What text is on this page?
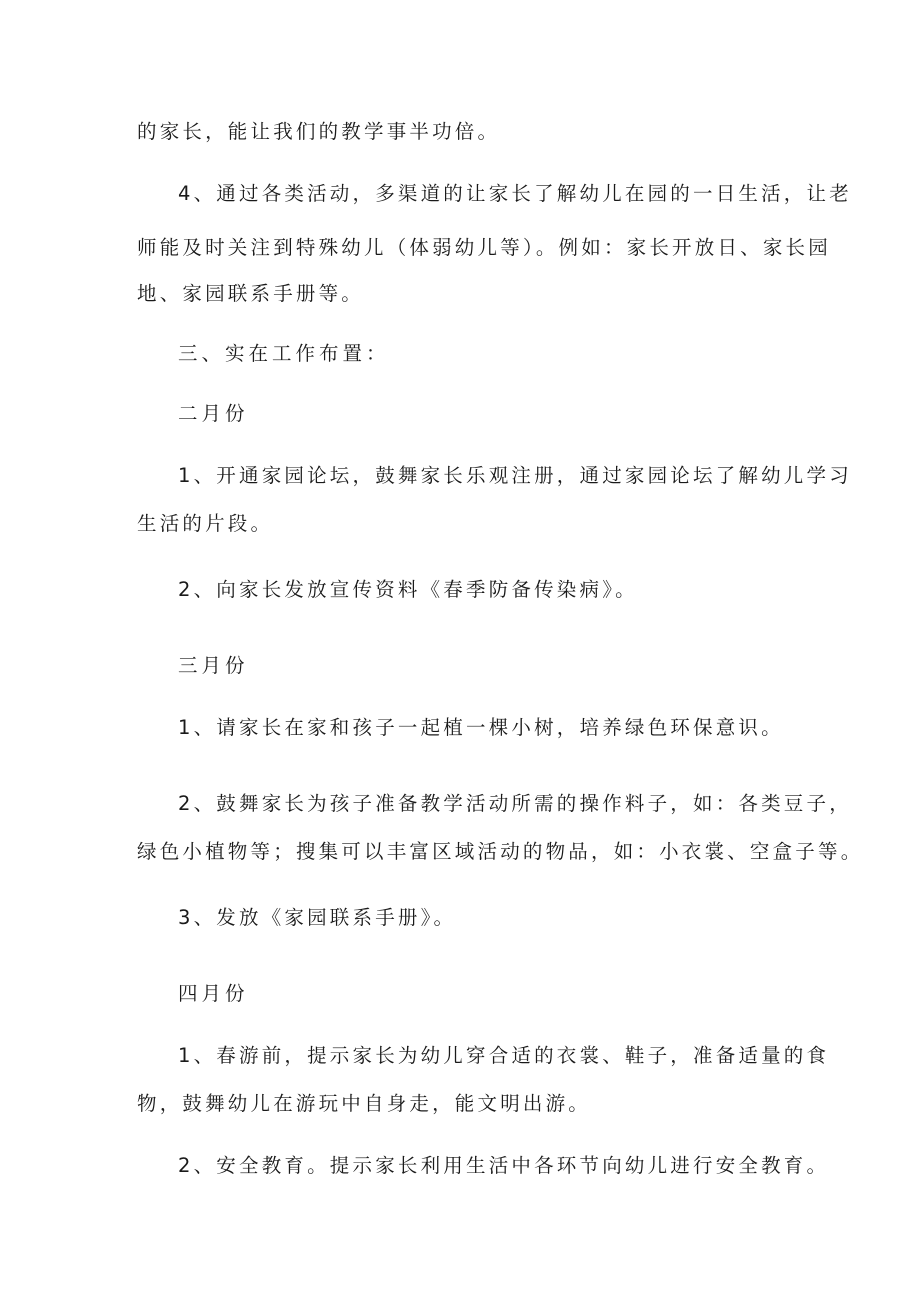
的家长，能让我们的教学事半功倍。
4、通过各类活动，多渠道的让家长了解幼儿在园的一日生活，让老
师能及时关注到特殊幼儿（体弱幼儿等）。例如：家长开放日、家长园
地、家园联系手册等。
三、实在工作布置：
二月份
1、开通家园论坛，鼓舞家长乐观注册，通过家园论坛了解幼儿学习
生活的片段。
2、向家长发放宣传资料《春季防备传染病》。
三月份
1、请家长在家和孩子一起植一棵小树，培养绿色环保意识。
2、鼓舞家长为孩子准备教学活动所需的操作料子，如：各类豆子，
绿色小植物等；搜集可以丰富区域活动的物品，如：小衣裳、空盒子等。
3、发放《家园联系手册》。
四月份
1、春游前，提示家长为幼儿穿合适的衣裳、鞋子，准备适量的食
物，鼓舞幼儿在游玩中自身走，能文明出游。
2、安全教育。提示家长利用生活中各环节向幼儿进行安全教育。
